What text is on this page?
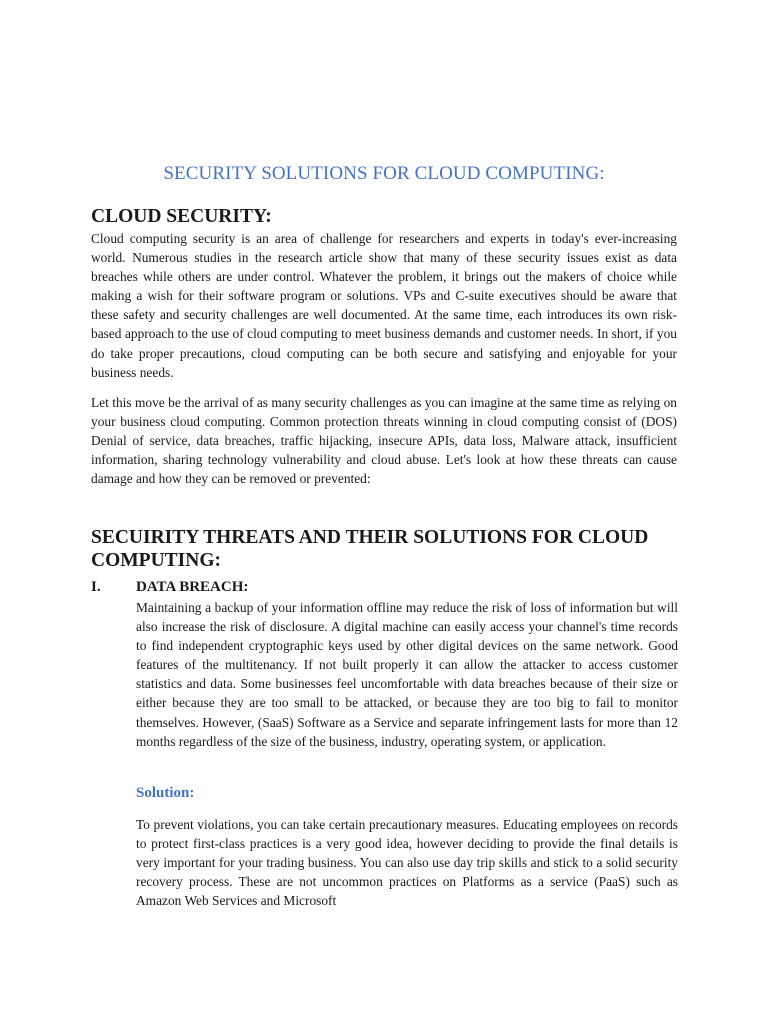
SECURITY SOLUTIONS FOR CLOUD COMPUTING:
CLOUD SECURITY:

Cloud computing security is an area of challenge for researchers and experts in today's ever-increasing world. Numerous studies in the research article show that many of these security issues exist as data breaches while others are under control. Whatever the problem, it brings out the makers of choice while making a wish for their software program or solutions. VPs and C-suite executives should be aware that these safety and security challenges are well documented. At the same time, each introduces its own risk-based approach to the use of cloud computing to meet business demands and customer needs. In short, if you do take proper precautions, cloud computing can be both secure and satisfying and enjoyable for your business needs.

Let this move be the arrival of as many security challenges as you can imagine at the same time as relying on your business cloud computing. Common protection threats winning in cloud computing consist of (DOS) Denial of service, data breaches, traffic hijacking, insecure APIs, data loss, Malware attack, insufficient information, sharing technology vulnerability and cloud abuse. Let's look at how these threats can cause damage and how they can be removed or prevented:

SECUIRITY THREATS AND THEIR SOLUTIONS FOR CLOUD COMPUTING:
I. DATA BREACH:

Maintaining a backup of your information offline may reduce the risk of loss of information but will also increase the risk of disclosure. A digital machine can easily access your channel's time records to find independent cryptographic keys used by other digital devices on the same network. Good features of the multitenancy. If not built properly it can allow the attacker to access customer statistics and data. Some businesses feel uncomfortable with data breaches because of their size or either because they are too small to be attacked, or because they are too big to fail to monitor themselves. However, (SaaS) Software as a Service and separate infringement lasts for more than 12 months regardless of the size of the business, industry, operating system, or application.

Solution:

To prevent violations, you can take certain precautionary measures. Educating employees on records to protect first-class practices is a very good idea, however deciding to provide the final details is very important for your trading business. You can also use day trip skills and stick to a solid security recovery process. These are not uncommon practices on Platforms as a service (PaaS) such as Amazon Web Services and Microsoft
